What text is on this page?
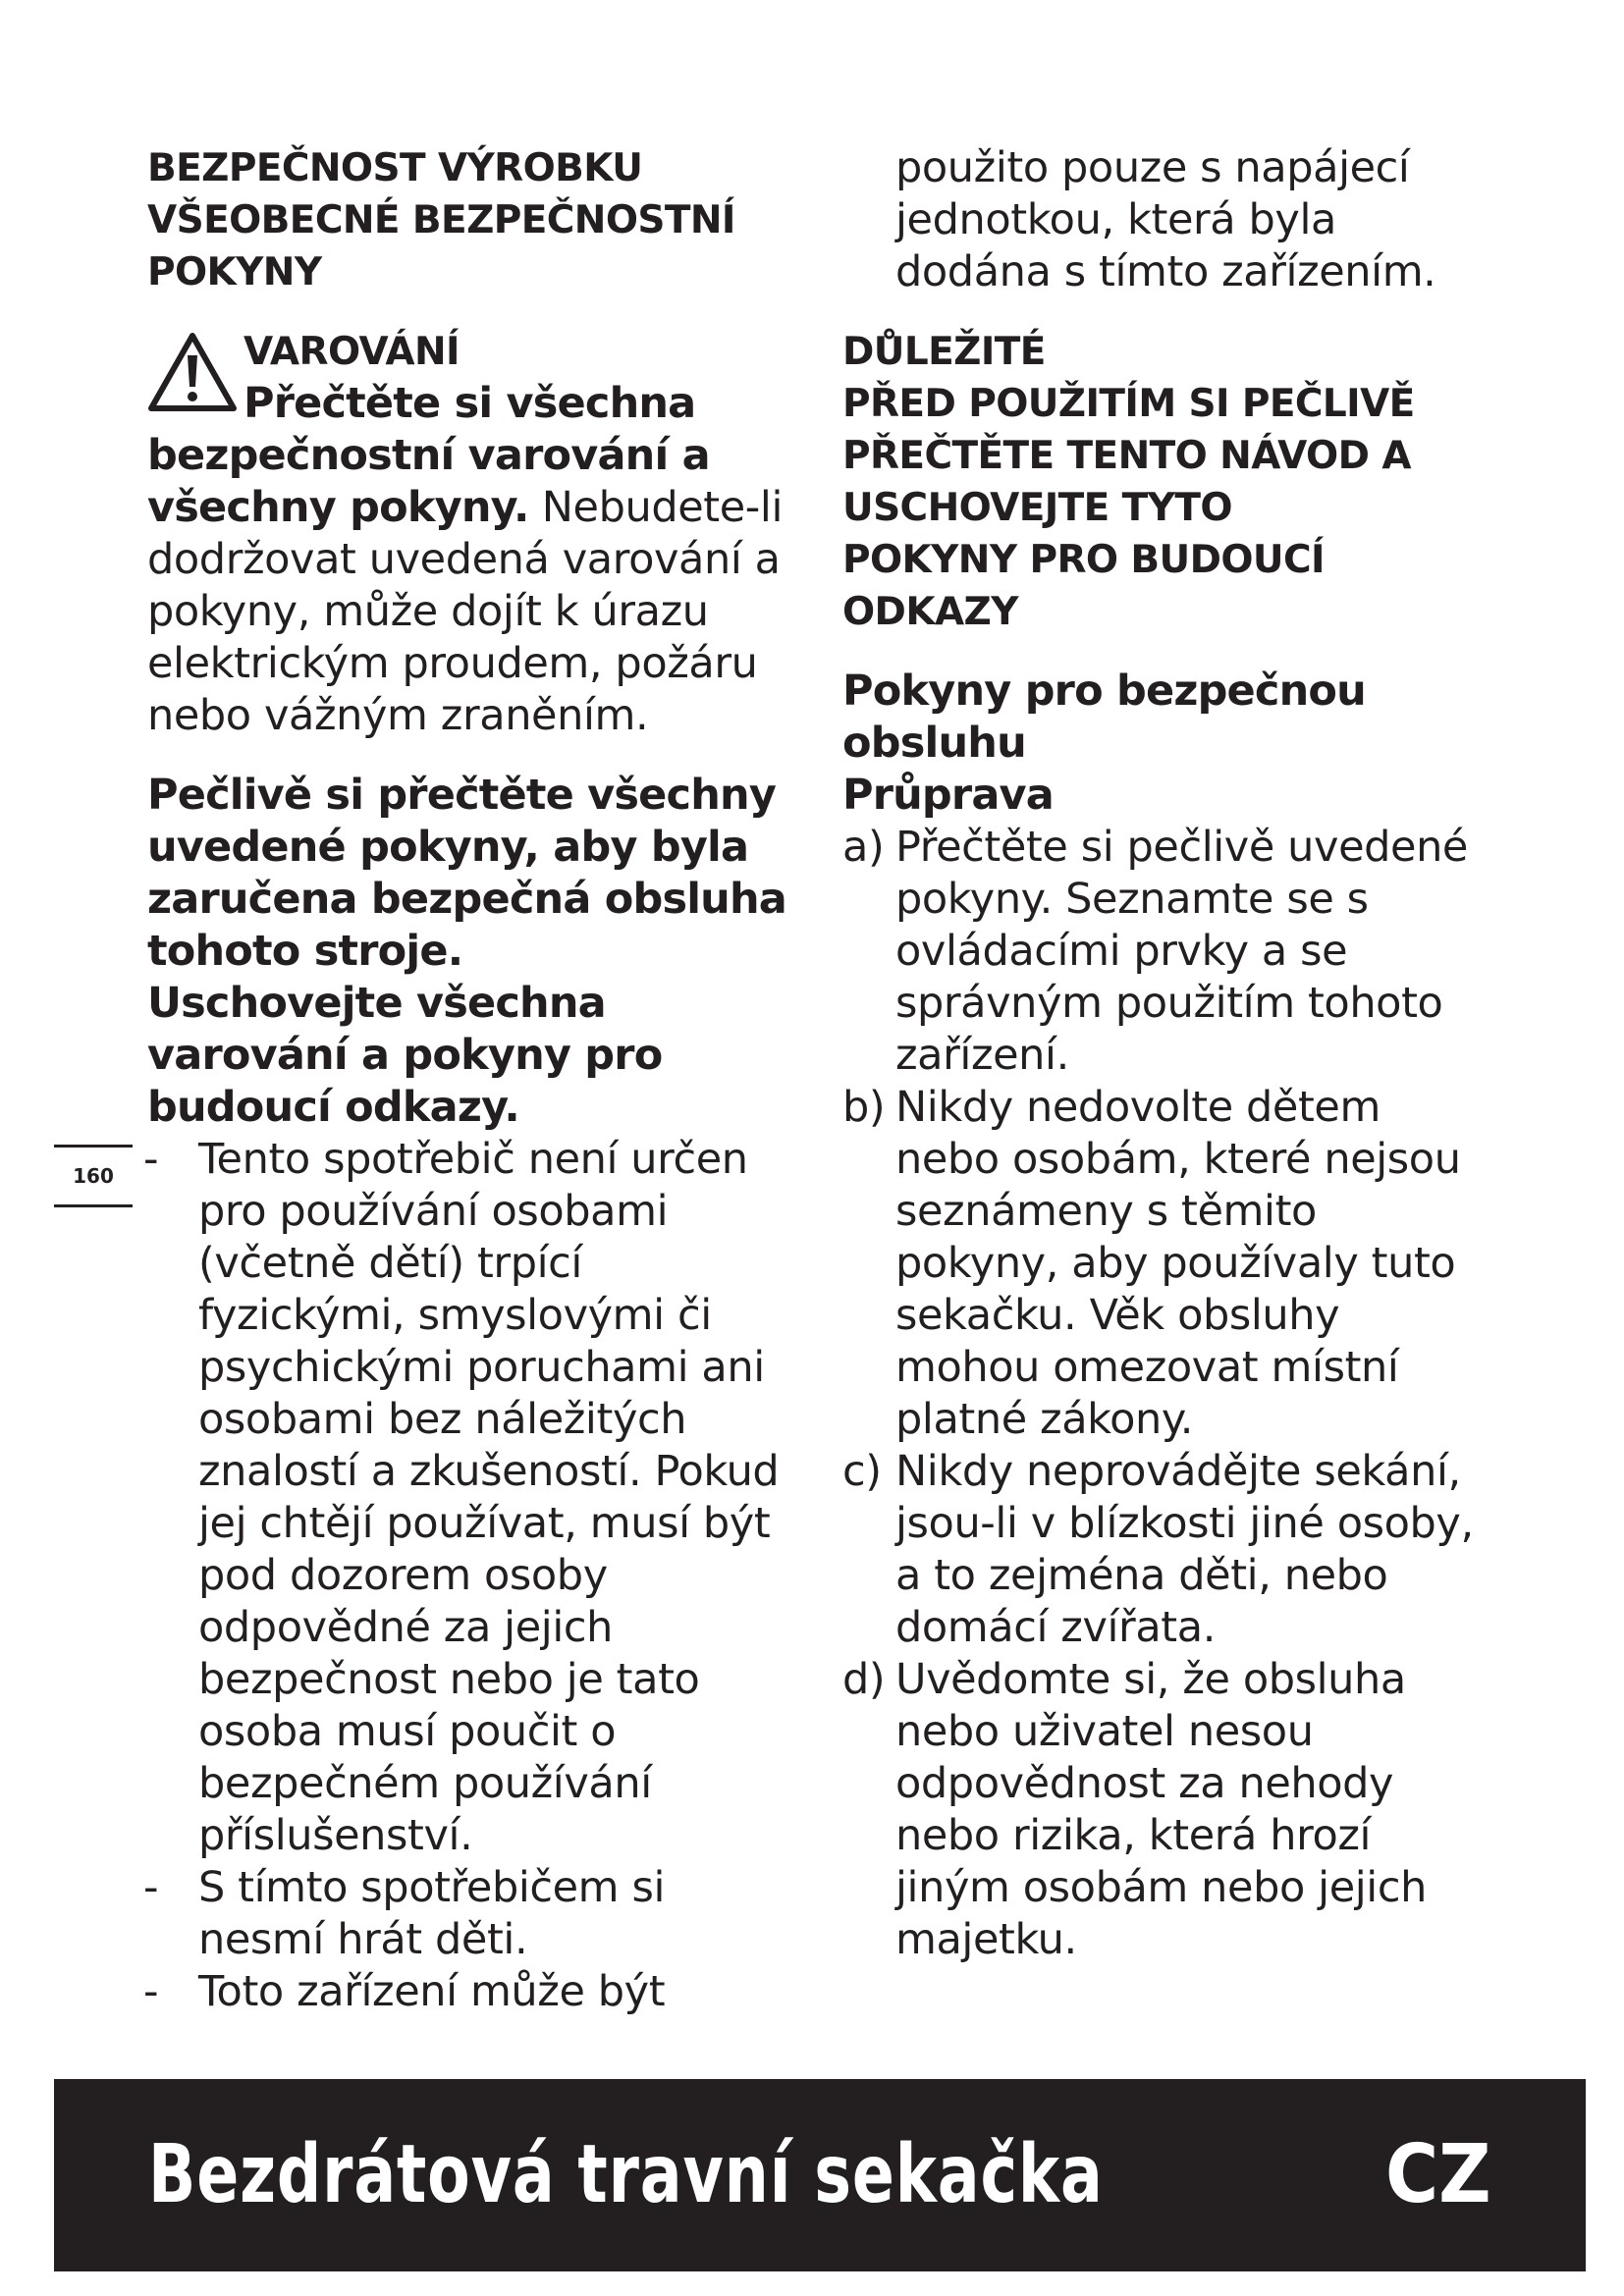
BEZPEČNOST VÝROBKU

VŠEOBECNÉ BEZPEČNOSTNÍ

POKYNY

VAROVÁNÍ

Přečtěte si všechna bezpečnostní varování a všechny pokyny. Nebudete-li dodržovat uvedená varování a pokyny, může dojít k úrazu elektrickým proudem, požáru nebo vážným zraněním.

Pečlivě si přečtěte všechny uvedené pokyny, aby byla zaručena bezpečná obsluha tohoto stroje.

Uschovejte všechna varování a pokyny pro budoucí odkazy.

- Tento spotřebič není určen pro používání osobami (včetně dětí) trpící fyzickými, smyslovými či psychickými poruchami ani osobami bez náležitých znalostí a zkušeností. Pokud jej chtějí používat, musí být pod dozorem osoby odpovědné za jejich bezpečnost nebo je tato osoba musí poučit o bezpečném používání příslušenství.
- S tímto spotřebičem si nesmí hrát děti.
- Toto zařízení může být
160

použito pouze s napájecí jednotkou, která byla dodána s tímto zařízením.

DŮLEŽITÉ

PŘED POUŽITÍM SI PEČLIVĚ

PŘEČTĚTE TENTO NÁVOD A

USCHOVEJTE TYTO

POKYNY PRO BUDOUCÍ

ODKAZY

Pokyny pro bezpečnou obsluhu

Průprava

a) Přečtěte si pečlivě uvedené pokyny. Seznamte se s ovládacími prvky a se správným použitím tohoto zařízení.
b) Nikdy nedovolte dětem nebo osobám, které nejsou seznámeny s těmito pokyny, aby používaly tuto sekačku. Věk obsluhy mohou omezovat místní platné zákony.
c) Nikdy neprovádějte sekání, jsou-li v blízkosti jiné osoby, a to zejména děti, nebo domácí zvířata.
d) Uvědomte si, že obsluha nebo uživatel nesou odpovědnost za nehody nebo rizika, která hrozí jiným osobám nebo jejich majetku.
Bezdrátová travní sekačka	CZ
